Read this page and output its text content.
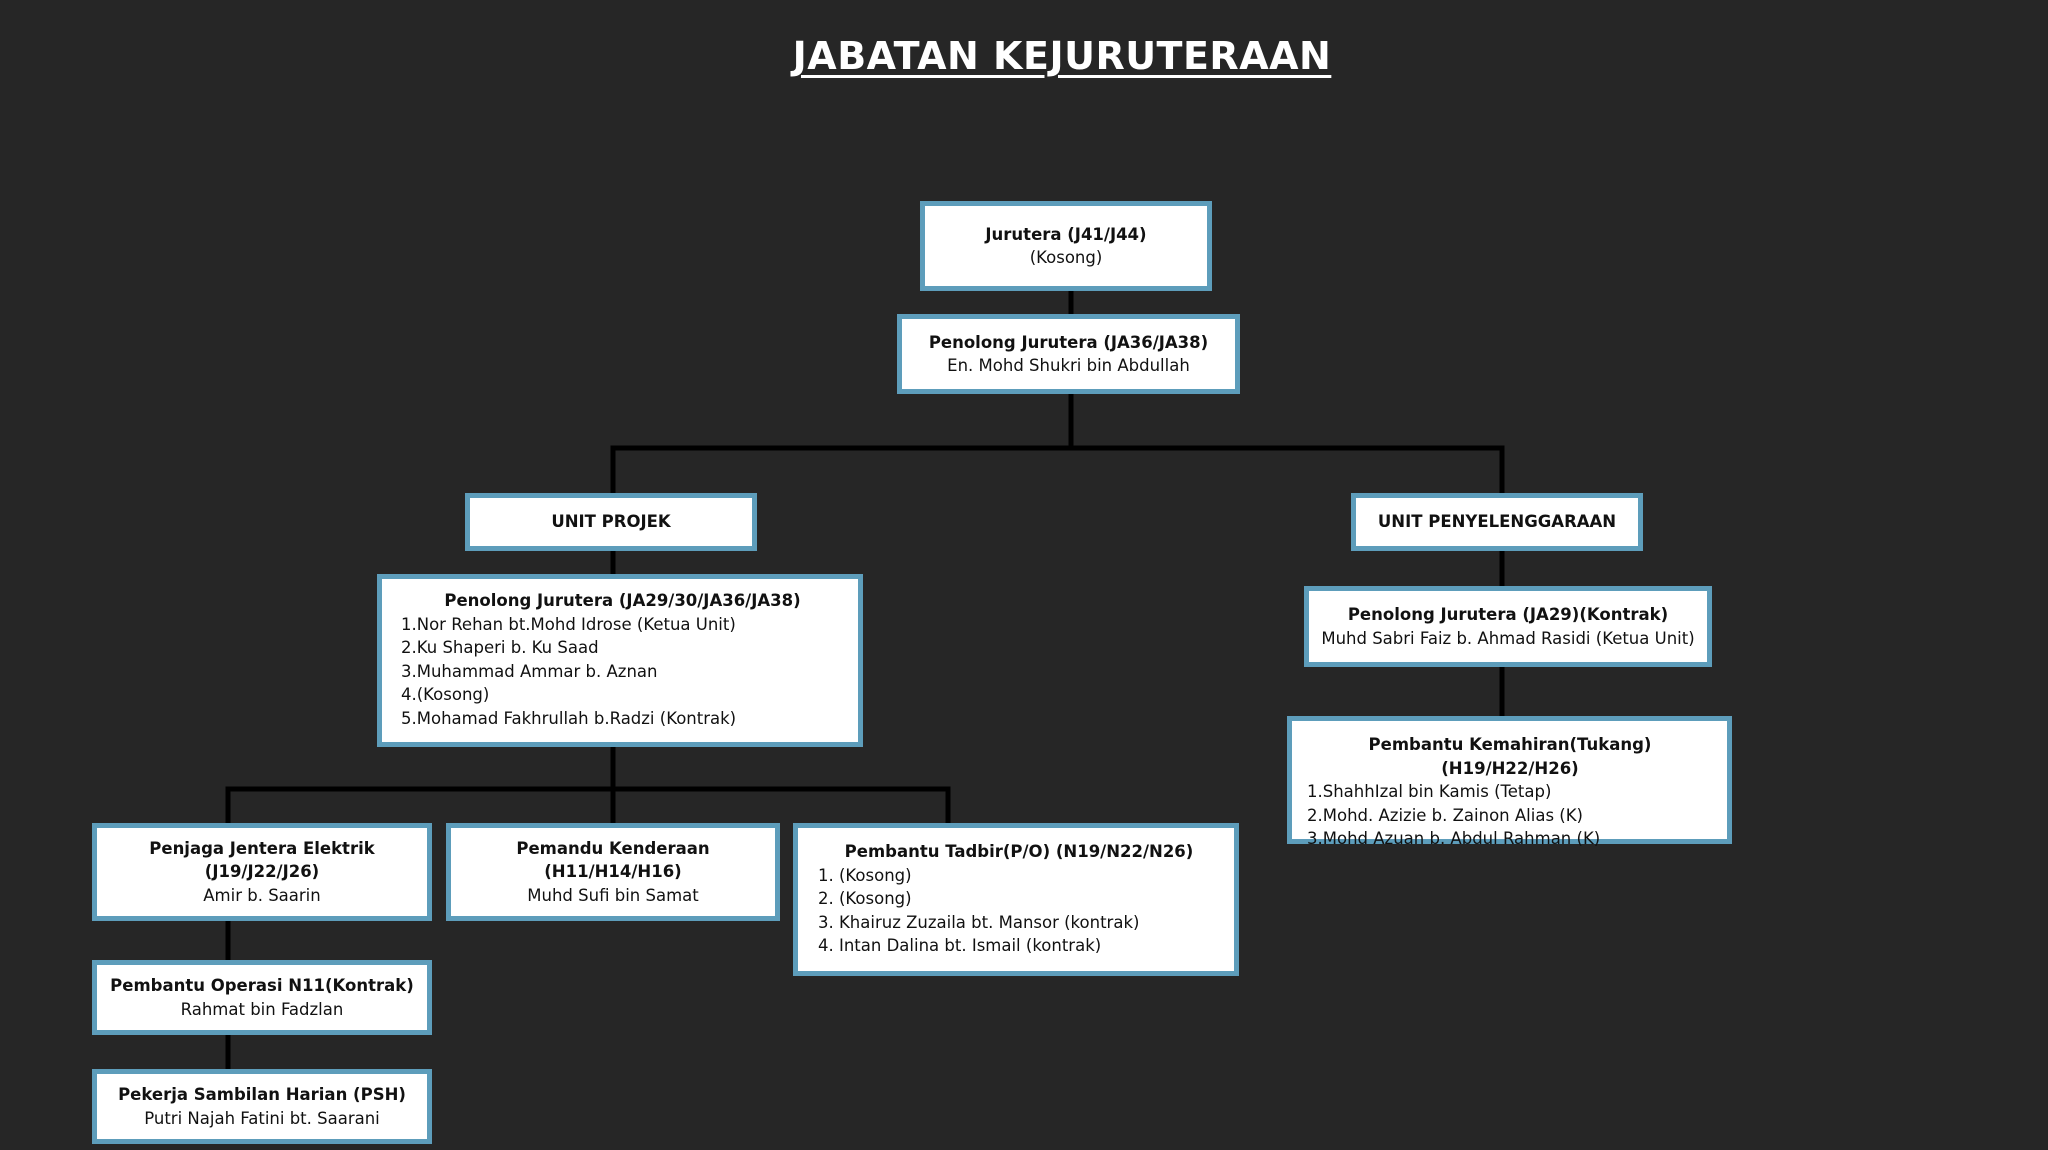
JABATAN KEJURUTERAAN
Jurutera (J41/J44)
(Kosong)
Penolong Jurutera (JA36/JA38)
En. Mohd Shukri bin Abdullah
UNIT PROJEK	UNIT PENYELENGGARAAN
Penolong Jurutera (JA29/30/JA36/JA38)
1.Nor Rehan bt.Mohd Idrose (Ketua Unit)
2.Ku Shaperi b. Ku Saad
3.Muhammad Ammar b. Aznan
4.(Kosong)
5.Mohamad Fakhrullah b.Radzi (Kontrak)
Penolong Jurutera (JA29)(Kontrak)
Muhd Sabri Faiz b. Ahmad Rasidi (Ketua Unit)
Pembantu Kemahiran(Tukang) (H19/H22/H26)
1.ShahhIzal bin Kamis (Tetap)
2.Mohd. Azizie b. Zainon Alias (K)
3.Mohd Azuan b. Abdul Rahman (K)
Penjaga Jentera Elektrik
(J19/J22/J26)
Amir b. Saarin
Pemandu Kenderaan
(H11/H14/H16)
Muhd Sufi bin Samat
Pembantu Tadbir(P/O) (N19/N22/N26)
1. (Kosong)
2. (Kosong)
3. Khairuz Zuzaila bt. Mansor (kontrak)
4. Intan Dalina bt. Ismail (kontrak)
Pembantu Operasi N11(Kontrak)
Rahmat bin Fadzlan
Pekerja Sambilan Harian (PSH)
Putri Najah Fatini bt. Saarani
